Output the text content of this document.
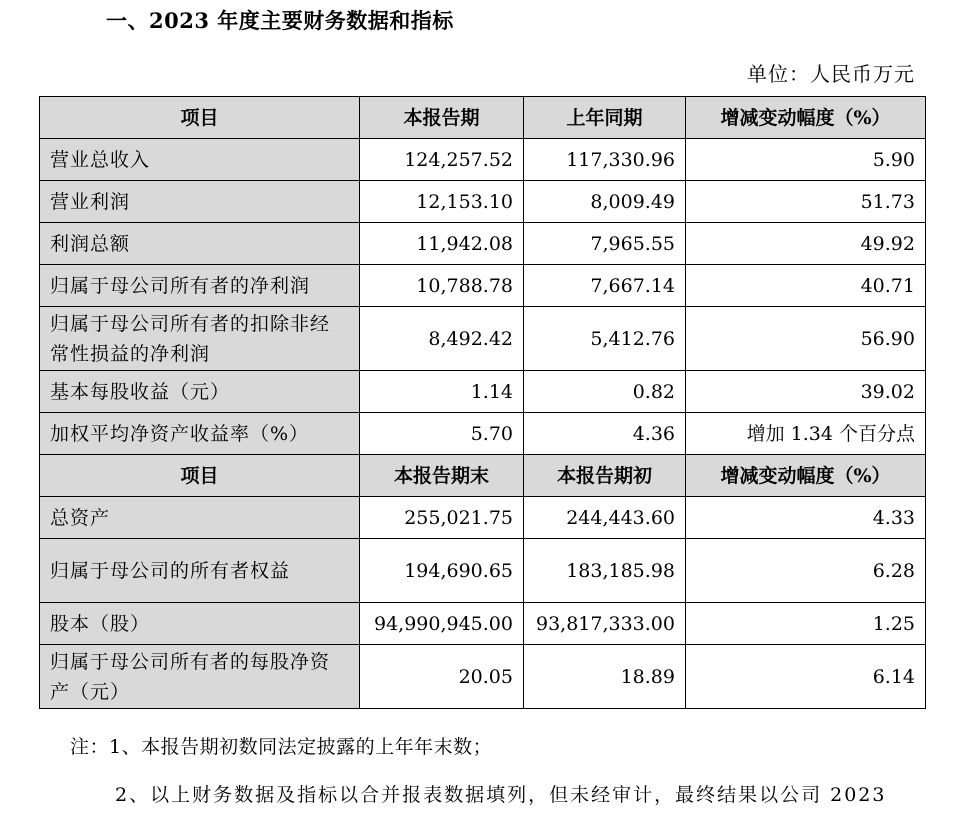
一、2023 年度主要财务数据和指标
单位：人民币万元
项目	本报告期	上年同期	增减变动幅度（%）
营业总收入	124,257.52	117,330.96	5.90
营业利润	12,153.10	8,009.49	51.73
利润总额	11,942.08	7,965.55	49.92
归属于母公司所有者的净利润	10,788.78	7,667.14	40.71
归属于母公司所有者的扣除非经常性损益的净利润	8,492.42	5,412.76	56.90
基本每股收益（元）	1.14	0.82	39.02
加权平均净资产收益率（%）	5.70	4.36	增加 1.34 个百分点
项目	本报告期末	本报告期初	增减变动幅度（%）
总资产	255,021.75	244,443.60	4.33
归属于母公司的所有者权益	194,690.65	183,185.98	6.28
股本（股）	94,990,945.00	93,817,333.00	1.25
归属于母公司所有者的每股净资产（元）	20.05	18.89	6.14
注：1、本报告期初数同法定披露的上年年末数；
2、以上财务数据及指标以合并报表数据填列，但未经审计，最终结果以公司 2023
